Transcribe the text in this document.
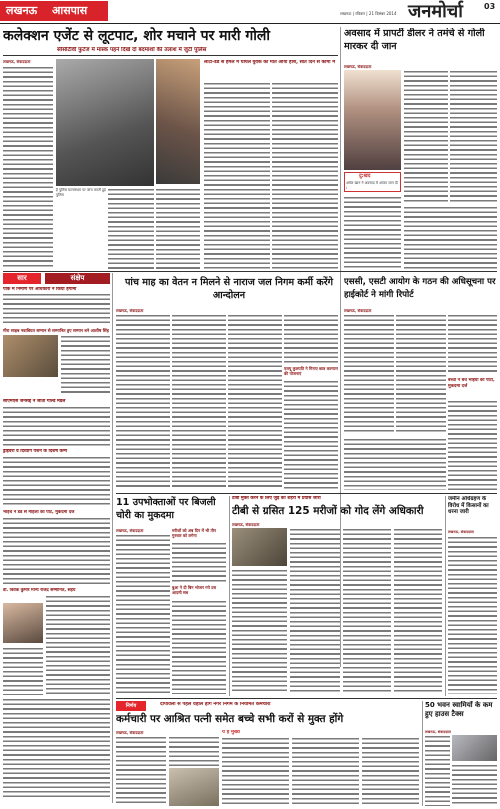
लखनऊ आसपास	लखनऊ | रविवार | 21 दिसंबर 2014 जनमोर्चा	03
कलेक्शन एजेंट से लूटपाट, शोर मचाने पर मारी गोली
सीसीटीवी फुटेज में मास्क पहने दिखे दो बदमाशों की तलाश में जुटी पुलिस
लखनऊ, संवाददाता
है पुलिस घटनास्थल पर जांच करती हुई पुलिस
लाटी-डंडे से हमले में घायल युवक को मौत आया होश, सात दिन से कोमा में
अवसाद में प्रापर्टी डीलर ने तमंचे से गोली मारकर दी जान
लखनऊ, संवाददाता
दु:खद
अमेल खान ने अवसाद में आकर जान दी ।
सार	संक्षेप
पार्क में निर्माण पर अधिकारी ने किया हंगामा
मीरा साहब नवाबियत सम्मान से सम्मानित हुए सम्मान बने आशीष सिंह
सीएमएस जनसद्दे ने जीता गोल्ड मेडल
ड्राइवरा व दिव्यांग पेंशन के दिशेष कैम्प
भाईचें ने डंडे से महिला की पीट, मुकदमा दर्ज
डॉ. विवेक कुमार मान्य राजेंद्र सम्मानित, सहय
पांच माह का वेतन न मिलने से नाराज जल निगम कर्मी करेंगे आन्दोलन
लखनऊ, संवाददाता
एलयू कुलपति ने गिनाए छात्र कल्याण की योजनाएं
एससी, एसटी आयोग के गठन की अधिसूचना पर हाईकोर्ट ने मांगी रिपोर्ट
लखनऊ, संवाददाता
बच्चों ने बेच भाईयों को पीटा, मुकदमा दर्ज
11 उपभोक्ताओं पर बिजली चोरी का मुकदमा
लखनऊ, संवाददाता	मरीजों को अब दिन में भी तीन गुरुवार को लगेगा
बुआ ने दी बिन भोजन गये दस आदमी सब
टीबी मुक्त करने के लिए जुड़े की शहरों में प्रयास जारी
टीबी से ग्रसित 125 मरीजों को गोद लेंगे अधिकारी
लखनऊ, संवाददाता
जमीन अधिग्रहण के विरोध में किसानों का धरना जारी
लखनऊ, संवाददाता
निर्णय	दीपावली से पहले वहाल होंगे नगर निगम के नियमित कर्मचारी
कर्मचारी पर आश्रित पत्नी समेत बच्चे सभी करों से मुक्त होंगे
लखनऊ, संवाददाता	ये हैं मुख्य
50 भवन स्वामियों के कम हुए हाउस टैक्स
लखनऊ, संवाददाता
